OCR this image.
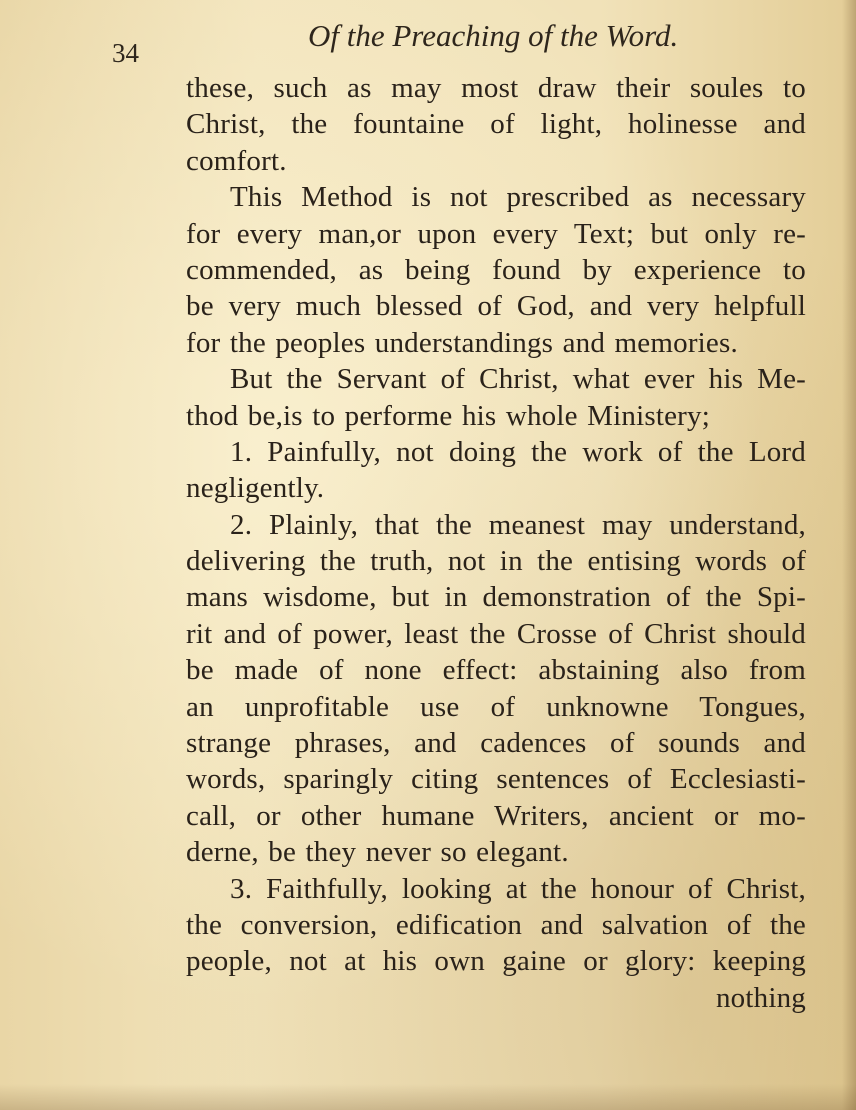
34	Of the Preaching of the Word.
these, such as may most draw their soules to
Christ, the fountaine of light, holinesse and
comfort.
This Method is not prescribed as necessary
for every man,or upon every Text; but only re-
commended, as being found by experience to
be very much blessed of God, and very helpfull
for the peoples understandings and memories.
But the Servant of Christ, what ever his Me-
thod be,is to performe his whole Ministery;
1. Painfully, not doing the work of the Lord
negligently.
2. Plainly, that the meanest may understand,
delivering the truth, not in the entising words of
mans wisdome, but in demonstration of the Spi-
rit and of power, least the Crosse of Christ should
be made of none effect: abstaining also from
an unprofitable use of unknowne Tongues,
strange phrases, and cadences of sounds and
words, sparingly citing sentences of Ecclesiasti-
call, or other humane Writers, ancient or mo-
derne, be they never so elegant.
3. Faithfully, looking at the honour of Christ,
the conversion, edification and salvation of the
people, not at his own gaine or glory: keeping
nothing
